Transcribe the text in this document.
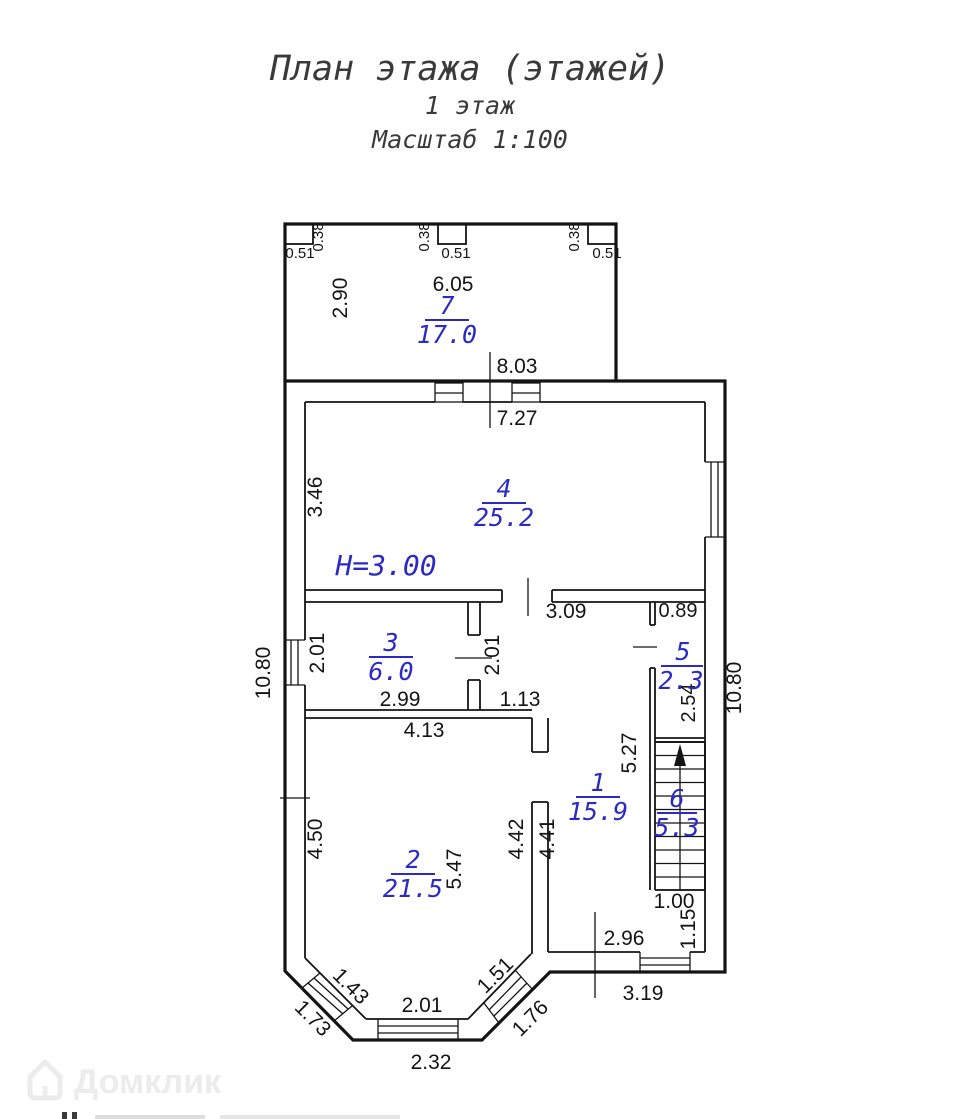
План этажа (этажей)
1 этаж
Масштаб 1:100
0.51
0.38	0.38
0.51
0.38
0.51
6.05
2.90
8.03
7.27
3.46
3.09	0.89
2.01
2.99
2.01
1.13	2.54
10.80	10.80
4.13
5.27
4.50
5.47
4.42 4.41
1.00
1.15
2.96
3.19
1.43
1.73	2.01
2.32
1.51
1.76
7
17.0
4
25.2
H=3.00
3
6.0
5
2.3
1
15.9 6
5.3
2
21.5
Домклик
